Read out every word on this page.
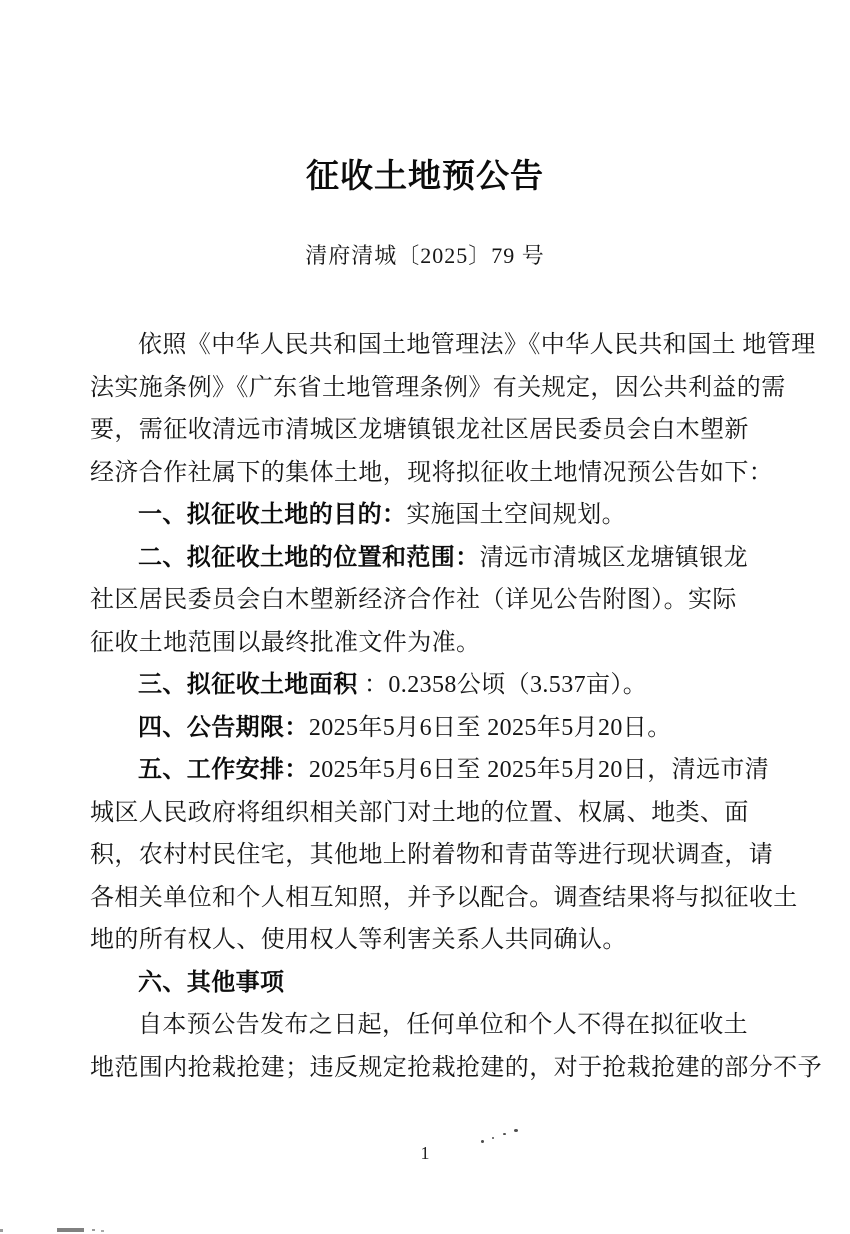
征收土地预公告
清府清城〔2025〕79 号
依照《中华人民共和国土地管理法》《中华人民共和国土 地管理
法实施条例》《广东省土地管理条例》有关规定，因公共利益的需
要，需征收清远市清城区龙塘镇银龙社区居民委员会白木塱新
经济合作社属下的集体土地，现将拟征收土地情况预公告如下：
一、拟征收土地的目的：实施国土空间规划。
二、拟征收土地的位置和范围：清远市清城区龙塘镇银龙
社区居民委员会白木塱新经济合作社（详见公告附图）。实际
征收土地范围以最终批准文件为准。
三、拟征收土地面积 ：0.2358公顷（3.537亩）。
四、公告期限：2025年5月6日至 2025年5月20日。
五、工作安排：2025年5月6日至 2025年5月20日，清远市清
城区人民政府将组织相关部门对土地的位置、权属、地类、面
积，农村村民住宅，其他地上附着物和青苗等进行现状调查，请
各相关单位和个人相互知照，并予以配合。调查结果将与拟征收土
地的所有权人、使用权人等利害关系人共同确认。
六、其他事项
自本预公告发布之日起，任何单位和个人不得在拟征收土
地范围内抢栽抢建；违反规定抢栽抢建的，对于抢栽抢建的部分不予
1
